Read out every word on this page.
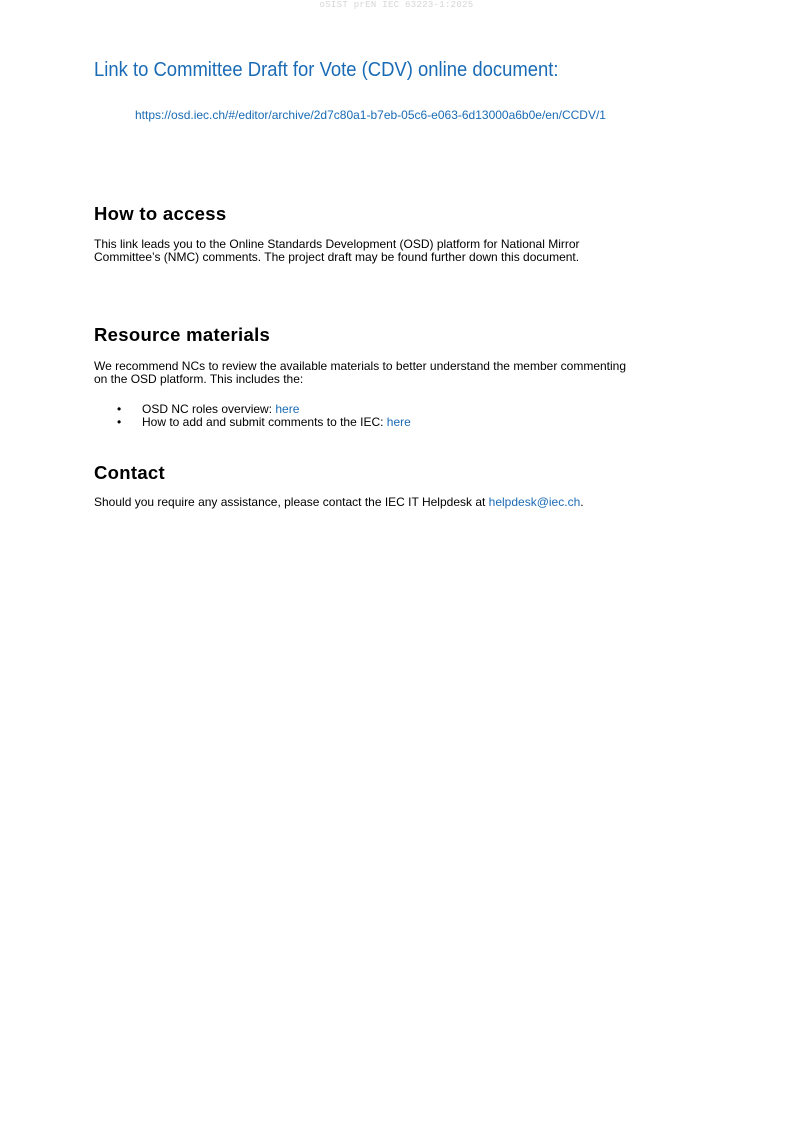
oSIST prEN IEC 63223-1:2025
Link to Committee Draft for Vote (CDV) online document:
https://osd.iec.ch/#/editor/archive/2d7c80a1-b7eb-05c6-e063-6d13000a6b0e/en/CCDV/1
How to access

This link leads you to the Online Standards Development (OSD) platform for National Mirror
Committee’s (NMC) comments. The project draft may be found further down this document.

Resource materials

We recommend NCs to review the available materials to better understand the member commenting
on the OSD platform. This includes the:

• OSD NC roles overview: here
• How to add and submit comments to the IEC: here
Contact

Should you require any assistance, please contact the IEC IT Helpdesk at helpdesk@iec.ch.
